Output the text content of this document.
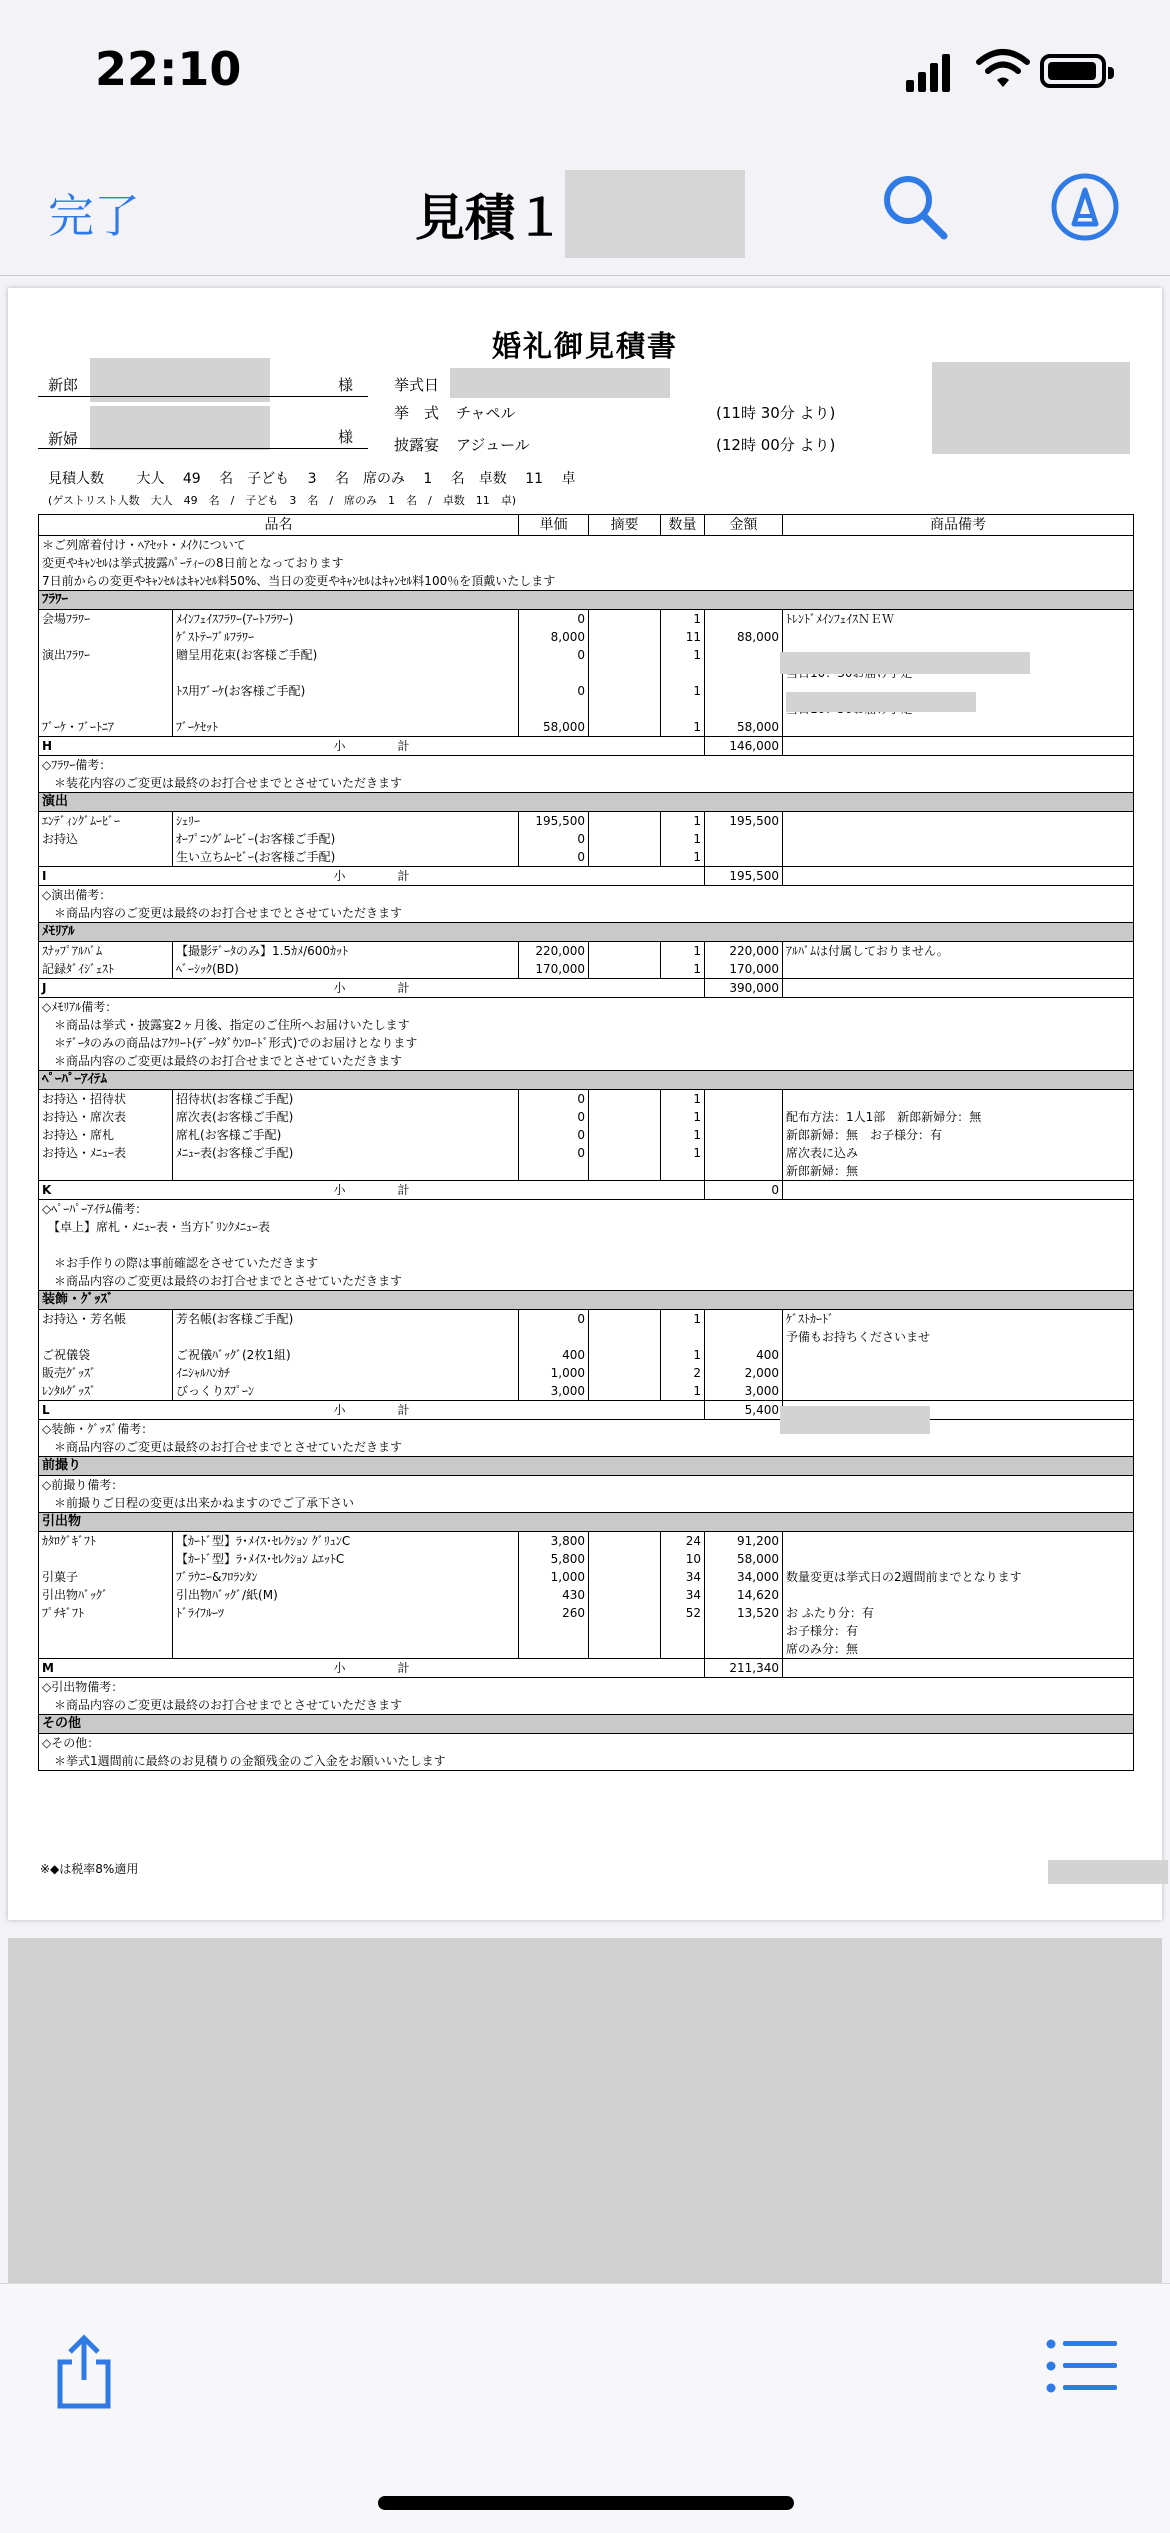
22:10
完了	見積１
婚礼御見積書
新郎	様
新婦	様
挙式日
挙　式 チャペル	(11時 30分 より)
披露宴 アジュール	(12時 00分 より)
見積人数　　 大人　 49　 名　子ども　 3　 名　席のみ　 1　 名　卓数　 11　 卓
(ゲストリスト人数　大人　49　名　/　子ども　3　名　/　席のみ　1　名　/　卓数　11　卓)
品名		単価	摘要	数量	金額	商品備考
＊ご列席着付け・ﾍｱｾｯﾄ・ﾒｲｸについて						
変更やｷｬﾝｾﾙは挙式披露ﾊﾟｰﾃｨｰの8日前となっております						
7日前からの変更やｷｬﾝｾﾙはｷｬﾝｾﾙ料50%、当日の変更やｷｬﾝｾﾙはｷｬﾝｾﾙ料100％を頂戴いたします						
ﾌﾗﾜｰ						
会場ﾌﾗﾜｰ	ﾒｲﾝﾌｪｲｽﾌﾗﾜｰ(ｱｰﾄﾌﾗﾜｰ)	0		1		ﾄﾚﾝﾄﾞﾒｲﾝﾌｪｲｽＮＥＷ
	ｹﾞｽﾄﾃｰﾌﾞﾙﾌﾗﾜｰ	8,000		11	88,000	
演出ﾌﾗﾜｰ	贈呈用花束(お客様ご手配)	0		1		

	ﾄｽ用ﾌﾞｰｹ(お客様ご手配)	0		1		

ﾌﾞｰｹ・ﾌﾞｰﾄﾆｱ	ﾌﾞｰｹｾｯﾄ	58,000		1	58,000	

H 小　計					146,000	
◇ﾌﾗﾜｰ備考：						
　＊装花内容のご変更は最終のお打合せまでとさせていただきます						
演出						
ｴﾝﾃﾞｨﾝｸﾞﾑｰﾋﾞｰ	ｼｪﾘｰ	195,500		1	195,500	
お持込	ｵｰﾌﾟﾆﾝｸﾞﾑｰﾋﾞｰ(お客様ご手配)	0		1		
	生い立ちﾑｰﾋﾞｰ(お客様ご手配)	0		1		

I 小　計					195,500	
◇演出備考：						
　＊商品内容のご変更は最終のお打合せまでとさせていただきます						
ﾒﾓﾘｱﾙ						
ｽﾅｯﾌﾟｱﾙﾊﾞﾑ	【撮影ﾃﾞｰﾀのみ】1.5ｶﾒ/600ｶｯﾄ	220,000		1	220,000	ｱﾙﾊﾞﾑは付属しておりません。
記録ﾀﾞｲｼﾞｪｽﾄ	ﾍﾞｰｼｯｸ(BD)	170,000		1	170,000	

J 小　計					390,000	
◇ﾒﾓﾘｱﾙ備考：						
　＊商品は挙式・披露宴2ヶ月後、指定のご住所へお届けいたします						
　＊ﾃﾞｰﾀのみの商品はｱｸﾘｰﾄ(ﾃﾞｰﾀﾀﾞｳﾝﾛｰﾄﾞ形式)でのお届けとなります						
　＊商品内容のご変更は最終のお打合せまでとさせていただきます						
ﾍﾟｰﾊﾟｰｱｲﾃﾑ						
お持込・招待状	招待状(お客様ご手配)	0		1		
お持込・席次表	席次表(お客様ご手配)	0		1		配布方法：1人1部　新郎新婦分：無
お持込・席札	席札(お客様ご手配)	0		1		新郎新婦：無　お子様分：有
お持込・ﾒﾆｭｰ表	ﾒﾆｭｰ表(お客様ご手配)	0		1		席次表に込み
						新郎新婦：無

K 小　計					0	
◇ﾍﾟｰﾊﾟｰｱｲﾃﾑ備考：						
　【卓上】席札・ﾒﾆｭｰ表・当方ﾄﾞﾘﾝｸﾒﾆｭｰ表						

　＊お手作りの際は事前確認をさせていただきます						
　＊商品内容のご変更は最終のお打合せまでとさせていただきます						
装飾・ｸﾞｯｽﾞ						
お持込・芳名帳	芳名帳(お客様ご手配)	0		1		ｹﾞｽﾄｶｰﾄﾞ
						予備もお持ちくださいませ
ご祝儀袋	ご祝儀ﾊﾞｯｸﾞ(2枚1組)	400		1	400	
販売ｸﾞｯｽﾞ	ｲﾆｼｬﾙﾊﾝｶﾁ	1,000		2	2,000	
ﾚﾝﾀﾙｸﾞｯｽﾞ	びっくりｽﾌﾟｰﾝ	3,000		1	3,000	

L 小　計					5,400	
◇装飾・ｸﾞｯｽﾞ備考：						
　＊商品内容のご変更は最終のお打合せまでとさせていただきます						
前撮り						
◇前撮り備考：						
　＊前撮りご日程の変更は出来かねますのでご了承下さい						
引出物						
ｶﾀﾛｸﾞｷﾞﾌﾄ	【ｶｰﾄﾞ型】ﾗ･ﾒｲｽ･ｾﾚｸｼｮﾝ ｸﾞﾘｭﾝC	3,800		24	91,200	
	【ｶｰﾄﾞ型】ﾗ･ﾒｲｽ･ｾﾚｸｼｮﾝ ﾑｴｯﾄC	5,800		10	58,000	
引菓子	ﾌﾞﾗｳﾆｰ&ﾌﾛﾗﾝﾀﾝ	1,000		34	34,000	数量変更は挙式日の2週間前までとなります
引出物ﾊﾞｯｸﾞ	引出物ﾊﾞｯｸﾞ/紙(M)	430		34	14,620	
ﾌﾟﾁｷﾞﾌﾄ	ﾄﾞﾗｲﾌﾙｰﾂ	260		52	13,520	お ふたり分：有
						お子様分：有
						席のみ分：無

M 小　計					211,340	
◇引出物備考：						
　＊商品内容のご変更は最終のお打合せまでとさせていただきます						
その他						
◇その他：						
　＊挙式1週間前に最終のお見積りの金額残金のご入金をお願いいたします						
※◆は税率8%適用
